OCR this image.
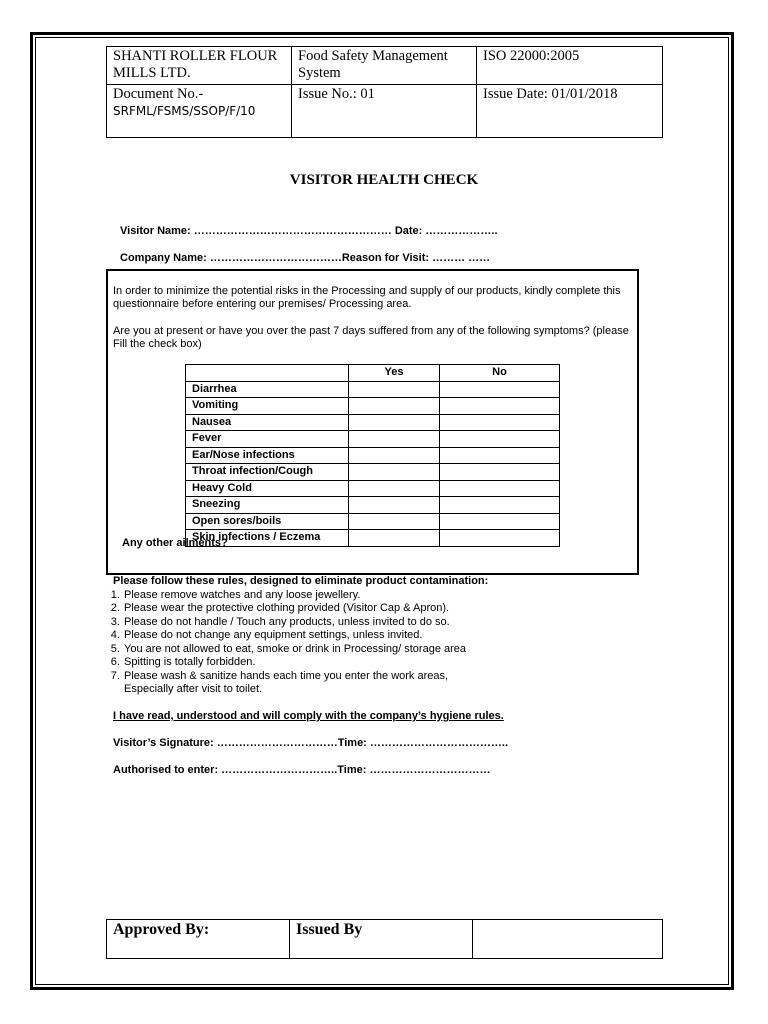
SHANTI ROLLER FLOUR MILLS LTD.	Food Safety Management System	ISO 22000:2005

Document No.-
SRFML/FSMS/SSOP/F/10	Issue No.: 01	Issue Date: 01/01/2018
VISITOR HEALTH CHECK
Visitor Name: ……………………………………………… Date: ………………..
Company Name: ………………………………Reason for Visit: ……… ……
In order to minimize the potential risks in the Processing and supply of our products, kindly complete this questionnaire before entering our premises/ Processing area.
Are you at present or have you over the past 7 days suffered from any of the following symptoms? (please Fill the check box)
	Yes	No
Diarrhea		
Vomiting		
Nausea		
Fever		
Ear/Nose infections		
Throat infection/Cough		
Heavy Cold		
Sneezing		
Open sores/boils		
Skin infections / Eczema		
Any other ailments?
Please follow these rules, designed to eliminate product contamination:
1. Please remove watches and any loose jewellery.
2. Please wear the protective clothing provided (Visitor Cap & Apron).
3. Please do not handle / Touch any products, unless invited to do so.
4. Please do not change any equipment settings, unless invited.
5. You are not allowed to eat, smoke or drink in Processing/ storage area
6. Spitting is totally forbidden.
7. Please wash & sanitize hands each time you enter the work areas,
Especially after visit to toilet.
I have read, understood and will comply with the company’s hygiene rules.
Visitor’s Signature: ……………………………Time: ………………………………..
Authorised to enter: …………………………..Time: ……………………………
Approved By:	Issued By	
